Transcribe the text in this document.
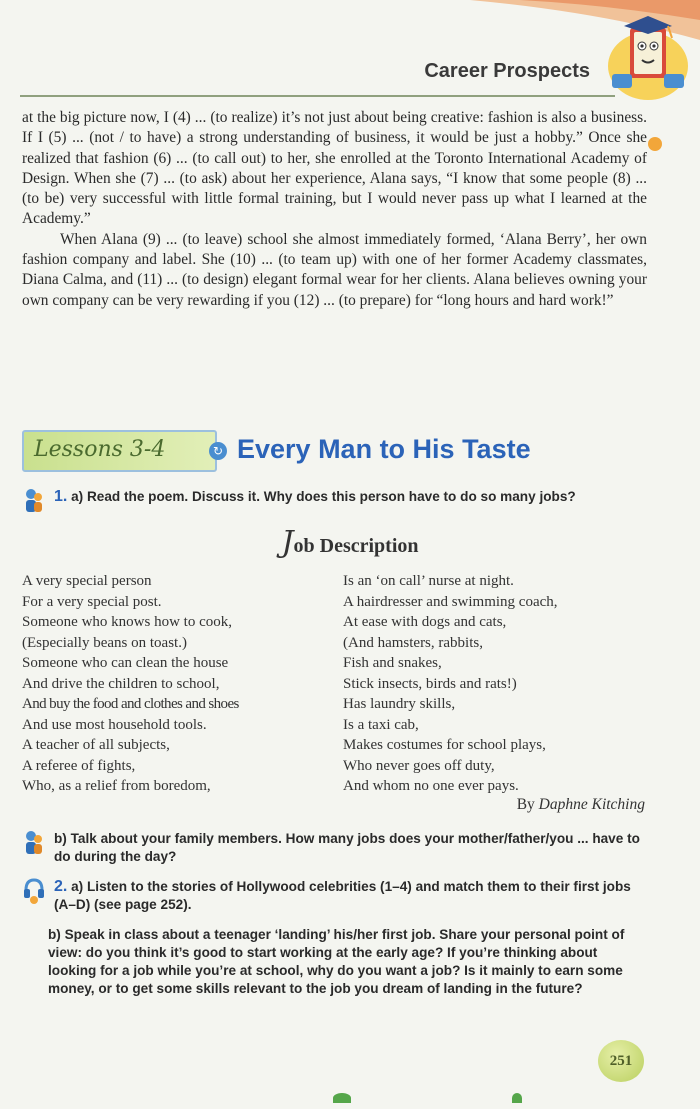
Career Prospects

at the big picture now, I (4) ... (to realize) it’s not just about being creative: fashion is also a business. If I (5) ... (not / to have) a strong understanding of business, it would be just a hobby.” Once she realized that fashion (6) ... (to call out) to her, she enrolled at the Toronto International Academy of Design. When she (7) ... (to ask) about her experience, Alana says, “I know that some people (8) ... (to be) very successful with little formal training, but I would never pass up what I learned at the Academy.”

When Alana (9) ... (to leave) school she almost immediately formed, ‘Alana Berry’, her own fashion company and label. She (10) ... (to team up) with one of her former Academy classmates, Diana Calma, and (11) ... (to design) elegant formal wear for her clients. Alana believes owning your own company can be very rewarding if you (12) ... (to prepare) for “long hours and hard work!”

Lessons 3-4	↻ Every Man to His Taste
1. a) Read the poem. Discuss it. Why does this person have to do so many jobs?
Job Description
A very special person
For a very special post.
Someone who knows how to cook,
(Especially beans on toast.)
Someone who can clean the house
And drive the children to school,
And buy the food and clothes and shoes
And use most household tools.
A teacher of all subjects,
A referee of fights,
Who, as a relief from boredom,
Is an ‘on call’ nurse at night.
A hairdresser and swimming coach,
At ease with dogs and cats,
(And hamsters, rabbits,
Fish and snakes,
Stick insects, birds and rats!)
Has laundry skills,
Is a taxi cab,
Makes costumes for school plays,
Who never goes off duty,
And whom no one ever pays.
By Daphne Kitching
b) Talk about your family members. How many jobs does your mother/father/you ... have to do during the day?
2. a) Listen to the stories of Hollywood celebrities (1–4) and match them to their first jobs (A–D) (see page 252).
b) Speak in class about a teenager ‘landing’ his/her first job. Share your personal point of view: do you think it’s good to start working at the early age? If you’re thinking about looking for a job while you’re at school, why do you want a job? Is it mainly to earn some money, or to get some skills relevant to the job you dream of landing in the future?
251
